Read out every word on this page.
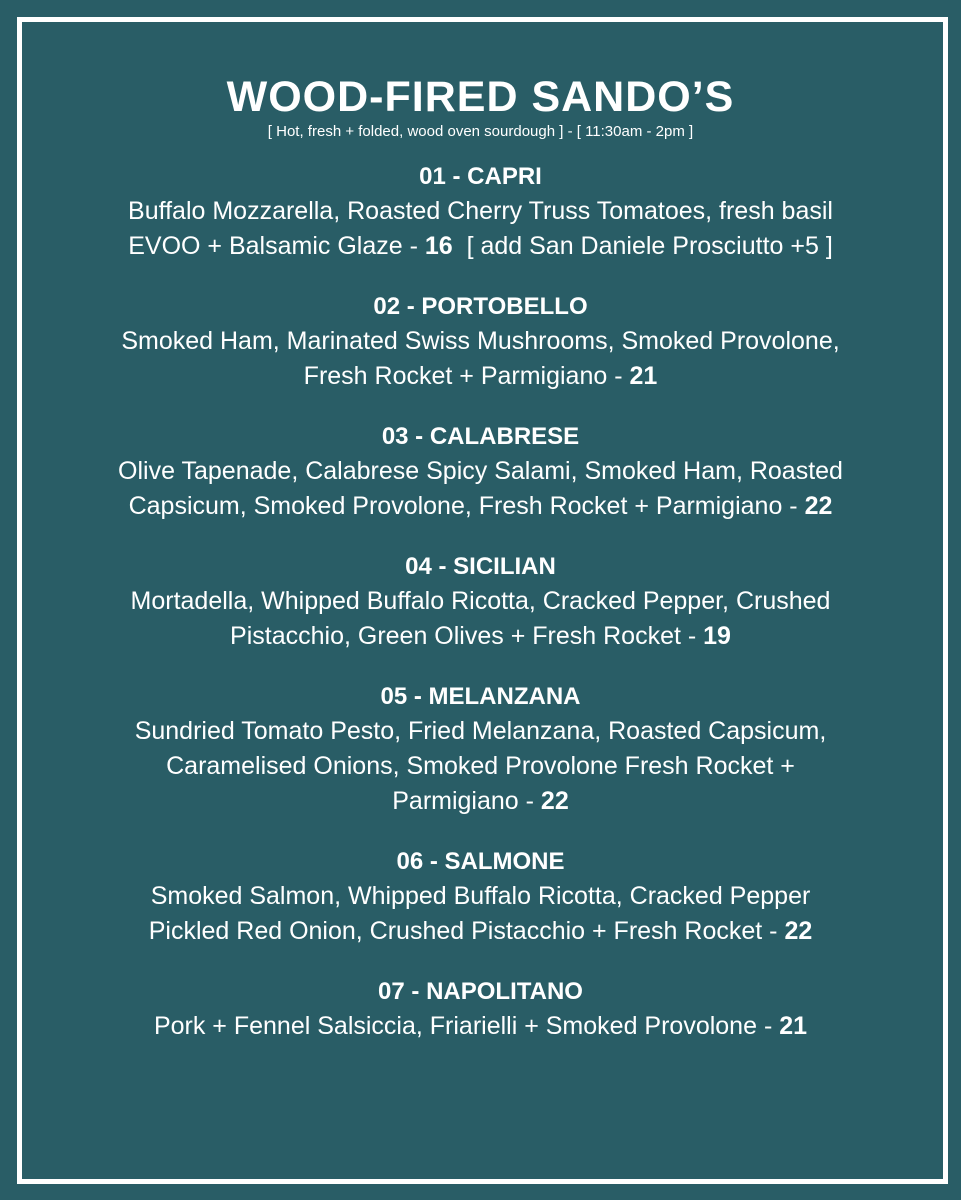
WOOD-FIRED SANDO’S

[ Hot, fresh + folded, wood oven sourdough ] - [ 11:30am - 2pm ]

01 - CAPRI

Buffalo Mozzarella, Roasted Cherry Truss Tomatoes, fresh basil
EVOO + Balsamic Glaze - 16  [ add San Daniele Prosciutto +5 ]

02 - PORTOBELLO

Smoked Ham, Marinated Swiss Mushrooms, Smoked Provolone,
Fresh Rocket + Parmigiano - 21

03 - CALABRESE

Olive Tapenade, Calabrese Spicy Salami, Smoked Ham, Roasted
Capsicum, Smoked Provolone, Fresh Rocket + Parmigiano - 22

04 - SICILIAN

Mortadella, Whipped Buffalo Ricotta, Cracked Pepper, Crushed
Pistacchio, Green Olives + Fresh Rocket - 19

05 - MELANZANA

Sundried Tomato Pesto, Fried Melanzana, Roasted Capsicum,
Caramelised Onions, Smoked Provolone Fresh Rocket +
Parmigiano - 22

06 - SALMONE

Smoked Salmon, Whipped Buffalo Ricotta, Cracked Pepper
Pickled Red Onion, Crushed Pistacchio + Fresh Rocket - 22

07 - NAPOLITANO

Pork + Fennel Salsiccia, Friarielli + Smoked Provolone - 21
